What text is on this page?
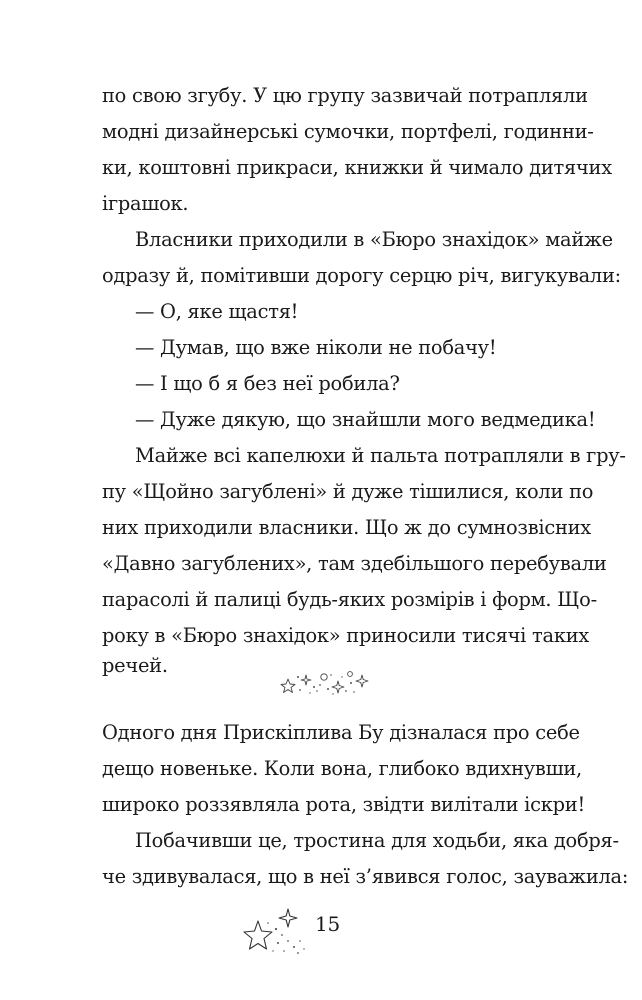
по свою згубу. У цю групу зазвичай потрапляли
модні дизайнерські сумочки, портфелі, годинни-
ки, коштовні прикраси, книжки й чимало дитячих
іграшок.
Власники приходили в «Бюро знахідок» майже
одразу й, помітивши дорогу серцю річ, вигукували:
— О, яке щастя!
— Думав, що вже ніколи не побачу!
— І що б я без неї робила?
— Дуже дякую, що знайшли мого ведмедика!
Майже всі капелюхи й пальта потрапляли в гру-
пу «Щойно загублені» й дуже тішилися, коли по
них приходили власники. Що ж до сумнозвісних
«Давно загублених», там здебільшого перебували
парасолі й палиці будь-яких розмірів і форм. Що-
року в «Бюро знахідок» приносили тисячі таких
речей.
Одного дня Прискіплива Бу дізналася про себе
дещо новеньке. Коли вона, глибоко вдихнувши,
широко роззявляла рота, звідти вилітали іскри!
Побачивши це, тростина для ходьби, яка добря-
че здивувалася, що в неї з’явився голос, зауважила:
15
